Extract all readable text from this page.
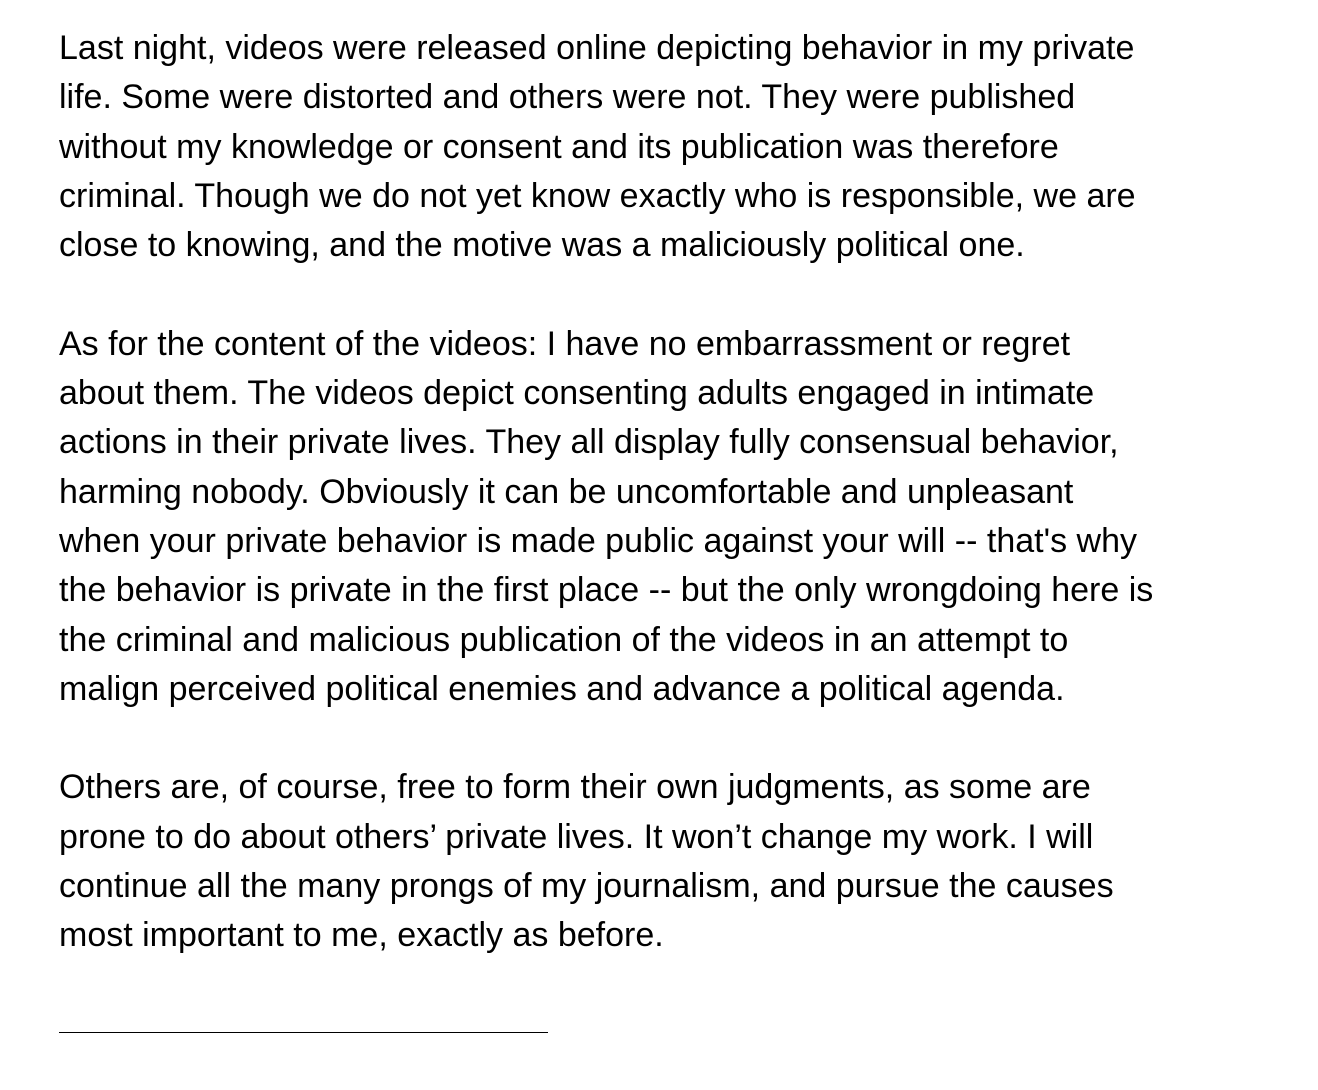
Last night, videos were released online depicting behavior in my private
life. Some were distorted and others were not. They were published
without my knowledge or consent and its publication was therefore
criminal. Though we do not yet know exactly who is responsible, we are
close to knowing, and the motive was a maliciously political one.
As for the content of the videos: I have no embarrassment or regret
about them. The videos depict consenting adults engaged in intimate
actions in their private lives. They all display fully consensual behavior,
harming nobody. Obviously it can be uncomfortable and unpleasant
when your private behavior is made public against your will -- that's why
the behavior is private in the first place -- but the only wrongdoing here is
the criminal and malicious publication of the videos in an attempt to
malign perceived political enemies and advance a political agenda.
Others are, of course, free to form their own judgments, as some are
prone to do about others’ private lives. It won’t change my work. I will
continue all the many prongs of my journalism, and pursue the causes
most important to me, exactly as before.
